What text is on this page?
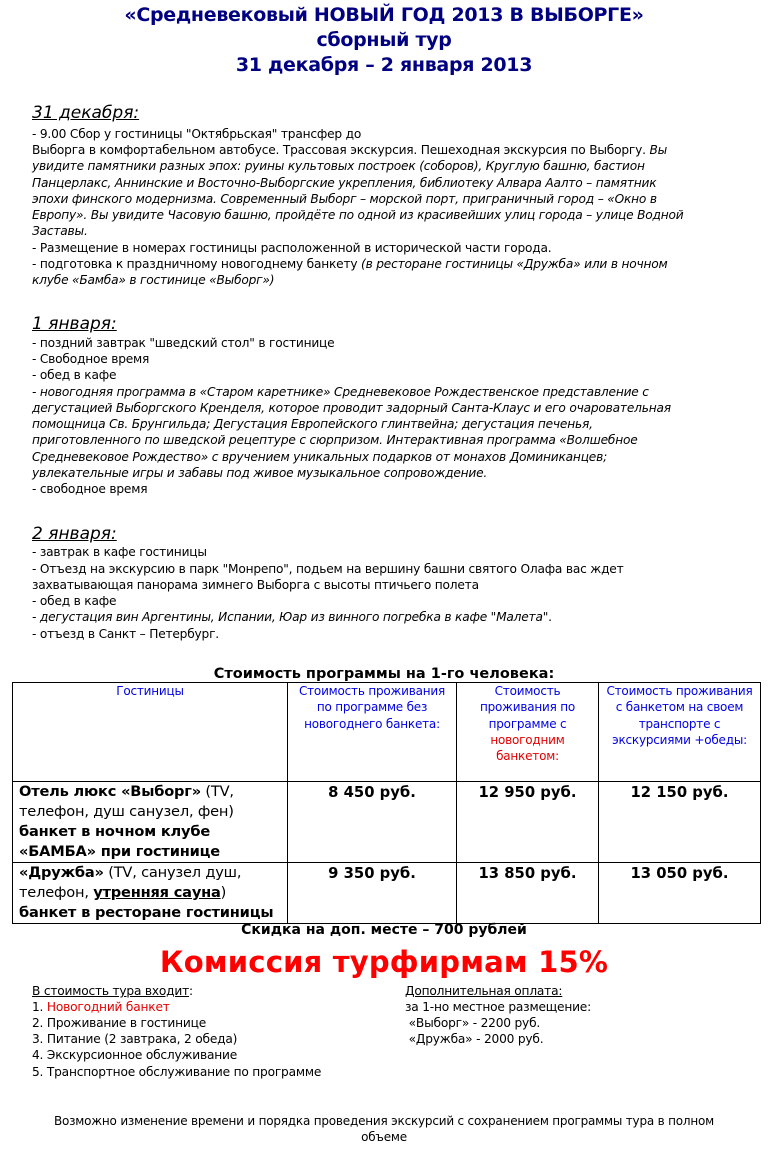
«Средневековый НОВЫЙ ГОД 2013 В ВЫБОРГЕ»
сборный тур
31 декабря – 2 января 2013
31 декабря:
- 9.00 Сбор у гостиницы "Октябрьская" трансфер до
Выборга в комфортабельном автобусе. Трассовая экскурсия. Пешеходная экскурсия по Выборгу. Вы
увидите памятники разных эпох: руины культовых построек (соборов), Круглую башню, бастион
Панцерлакс, Аннинские и Восточно-Выборгские укрепления, библиотеку Алвара Аалто – памятник
эпохи финского модернизма. Современный Выборг – морской порт, приграничный город – «Окно в
Европу». Вы увидите Часовую башню, пройдёте по одной из красивейших улиц города – улице Водной
Заставы.
- Размещение в номерах гостиницы расположенной в исторической части города.
- подготовка к праздничному новогоднему банкету (в ресторане гостиницы «Дружба» или в ночном
клубе «Бамба» в гостинице «Выборг»)
1 января:
- поздний завтрак "шведский стол" в гостинице
- Свободное время
- обед в кафе
- новогодняя программа в «Старом каретнике» Средневековое Рождественское представление с
дегустацией Выборгского Кренделя, которое проводит задорный Санта-Клаус и его очаровательная
помощница Св. Брунгильда; Дегустация Европейского глинтвейна; дегустация печенья,
приготовленного по шведской рецептуре с сюрпризом. Интерактивная программа «Волшебное
Средневековое Рождество» с вручением уникальных подарков от монахов Доминиканцев;
увлекательные игры и забавы под живое музыкальное сопровождение.
- свободное время
2 января:
- завтрак в кафе гостиницы
- Отъезд на экскурсию в парк "Монрепо", подьем на вершину башни святого Олафа вас ждет
захватывающая панорама зимнего Выборга с высоты птичьего полета
- обед в кафе
- дегустация вин Аргентины, Испании, Юар из винного погребка в кафе "Малета".
- отъезд в Санкт – Петербург.
Стоимость программы на 1-го человека:
Гостиницы	Стоимость проживания по программе без новогоднего банкета:	Стоимость проживания по программе с новогодним банкетом:	Стоимость проживания с банкетом на своем транспорте с экскурсиями +обеды:
Отель люкс «Выборг» (TV, телефон, душ санузел, фен)
банкет в ночном клубе «БАМБА» при гостинице	8 450 руб.	12 950 руб.	12 150 руб.
«Дружба» (TV, санузел душ, телефон, утренняя сауна)
банкет в ресторане гостиницы	9 350 руб.	13 850 руб.	13 050 руб.
Скидка на доп. месте – 700 рублей
Комиссия турфирмам 15%
В стоимость тура входит:
1. Новогодний банкет
2. Проживание в гостинице
3. Питание (2 завтрака, 2 обеда)
4. Экскурсионное обслуживание
5. Транспортное обслуживание по программе
Дополнительная оплата:
за 1-но местное размещение:
«Выборг» - 2200 руб.
«Дружба» - 2000 руб.
Возможно изменение времени и порядка проведения экскурсий с сохранением программы тура в полном объеме
